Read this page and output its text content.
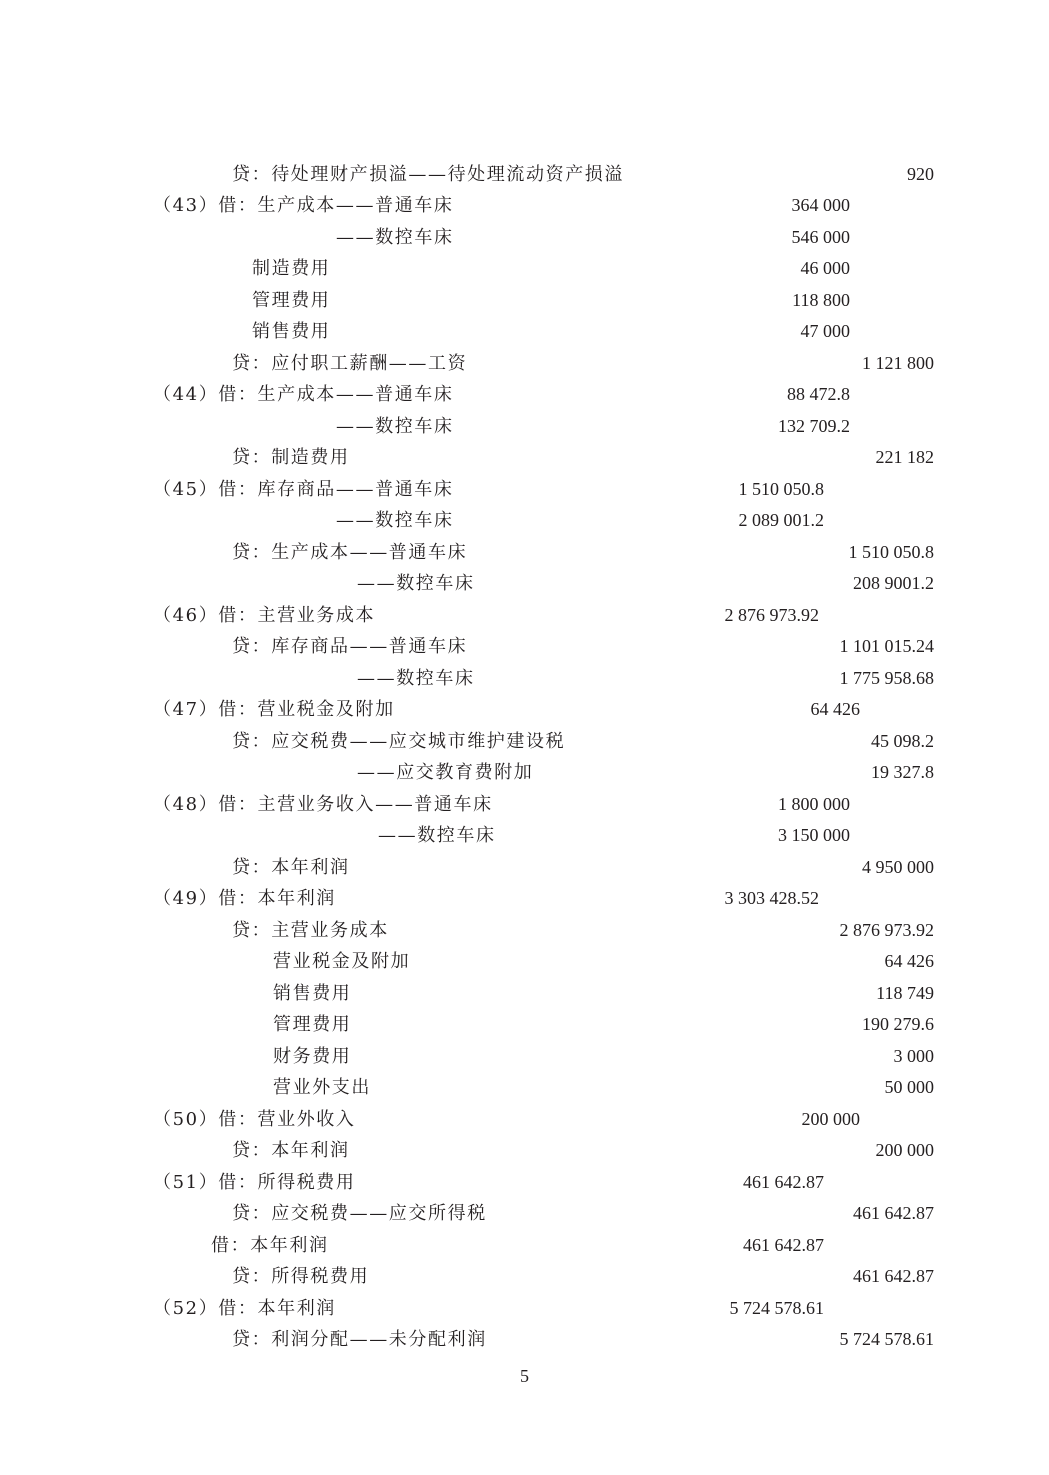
贷：待处理财产损溢——待处理流动资产损溢	920
（43）借：生产成本——普通车床	364 000
——数控车床	546 000
制造费用	46 000
管理费用	118 800
销售费用	47 000
贷：应付职工薪酬——工资	1 121 800
（44）借：生产成本——普通车床	88 472.8
——数控车床	132 709.2
贷：制造费用	221 182
（45）借：库存商品——普通车床	1 510 050.8
——数控车床	2 089 001.2
贷：生产成本——普通车床	1 510 050.8
——数控车床	208 9001.2
（46）借：主营业务成本	2 876 973.92
贷：库存商品——普通车床	1 101 015.24
——数控车床	1 775 958.68
（47）借：营业税金及附加	64 426
贷：应交税费——应交城市维护建设税	45 098.2
——应交教育费附加	19 327.8
（48）借：主营业务收入——普通车床	1 800 000
——数控车床	3 150 000
贷：本年利润	4 950 000
（49）借：本年利润	3 303 428.52
贷：主营业务成本	2 876 973.92
营业税金及附加	64 426
销售费用	118 749
管理费用	190 279.6
财务费用	3 000
营业外支出	50 000
（50）借：营业外收入	200 000
贷：本年利润	200 000
（51）借：所得税费用	461 642.87
贷：应交税费——应交所得税	461 642.87
借：本年利润	461 642.87
贷：所得税费用	461 642.87
（52）借：本年利润	5 724 578.61
贷：利润分配——未分配利润	5 724 578.61
5
